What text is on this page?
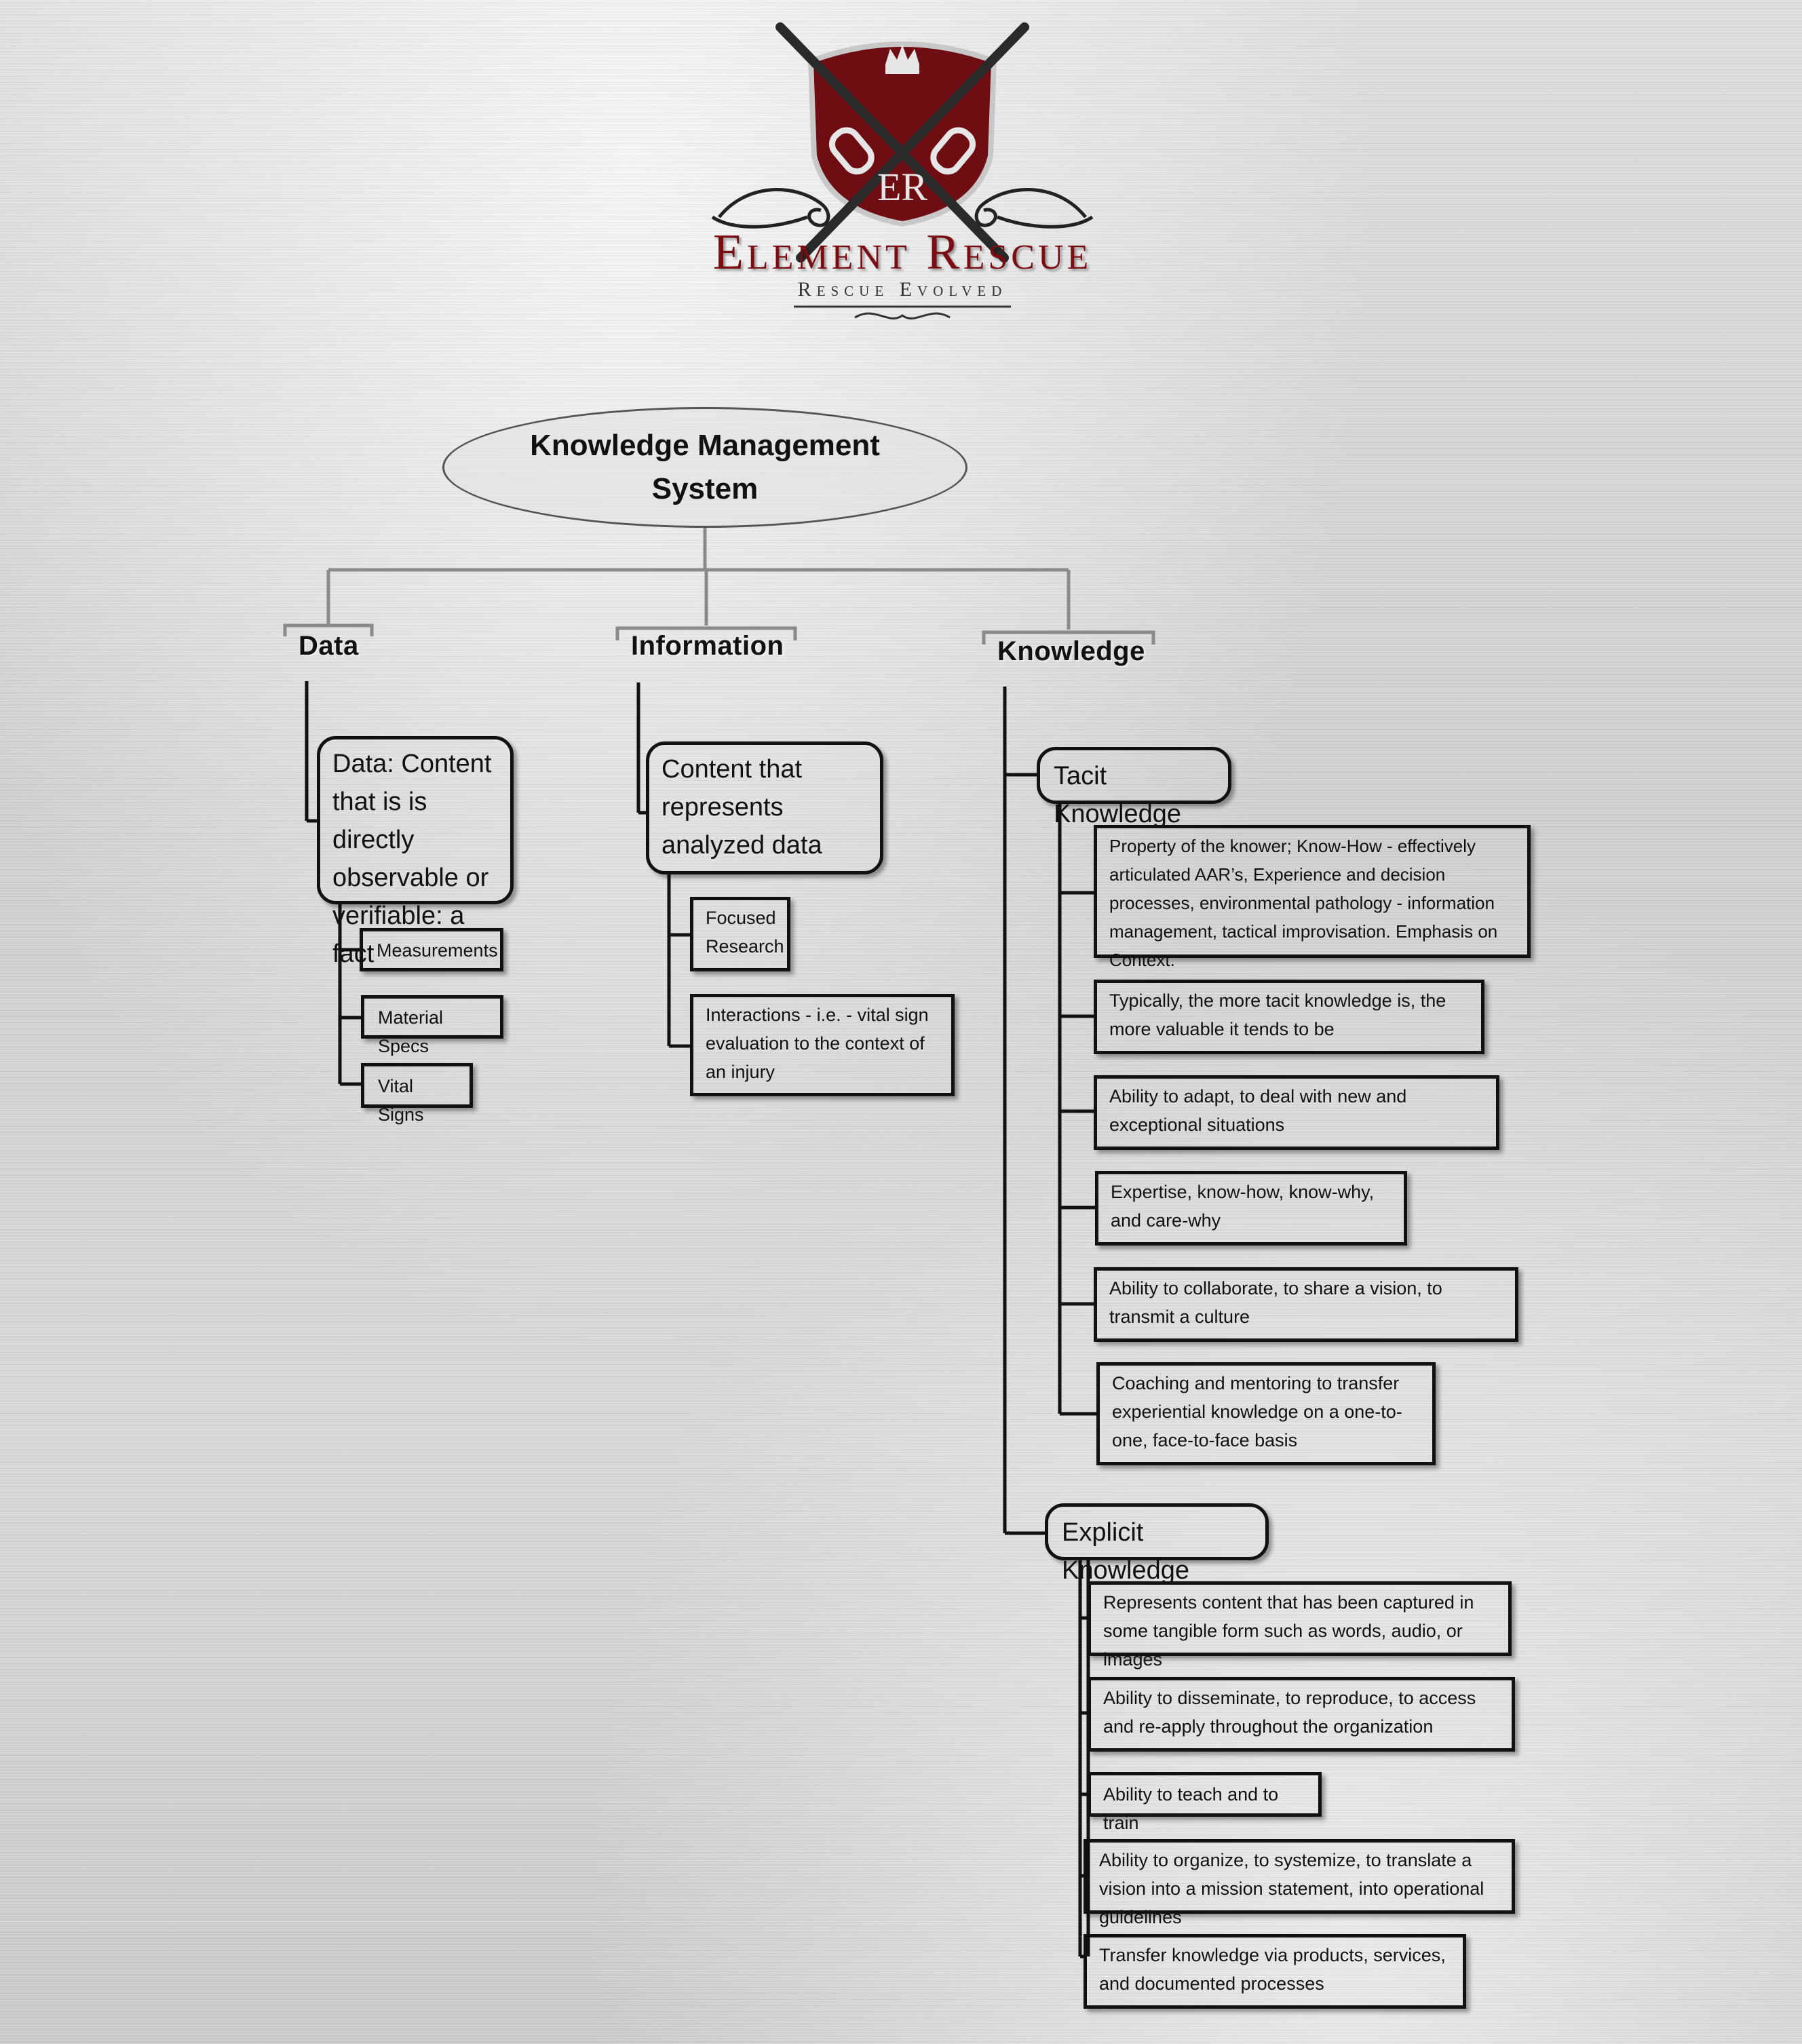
ER
Element Rescue
Rescue Evolved
Knowledge Management System
Data	Information	Knowledge
Data: Content that is is directly observable or verifiable: a fact Measurements
Material Specs
Vital Signs
Content that represents analyzed data
Focused Research
Interactions - i.e. - vital sign evaluation to the context of an injury
Tacit Knowledge
Property of the knower; Know-How - effectively articulated AAR’s, Experience and decision processes, environmental pathology - information management, tactical improvisation. Emphasis on Context.
Typically, the more tacit knowledge is, the more valuable it tends to be
Ability to adapt, to deal with new and exceptional situations
Expertise, know-how, know-why, and care-why
Ability to collaborate, to share a vision, to transmit a culture
Coaching and mentoring to transfer experiential knowledge on a one-to-one, face-to-face basis
Explicit Knowledge
Represents content that has been captured in some tangible form such as words, audio, or images
Ability to disseminate, to reproduce, to access and re-apply throughout the organization
Ability to teach and to train
Ability to organize, to systemize, to translate a vision into a mission statement, into operational guidelines
Transfer knowledge via products, services, and documented processes
